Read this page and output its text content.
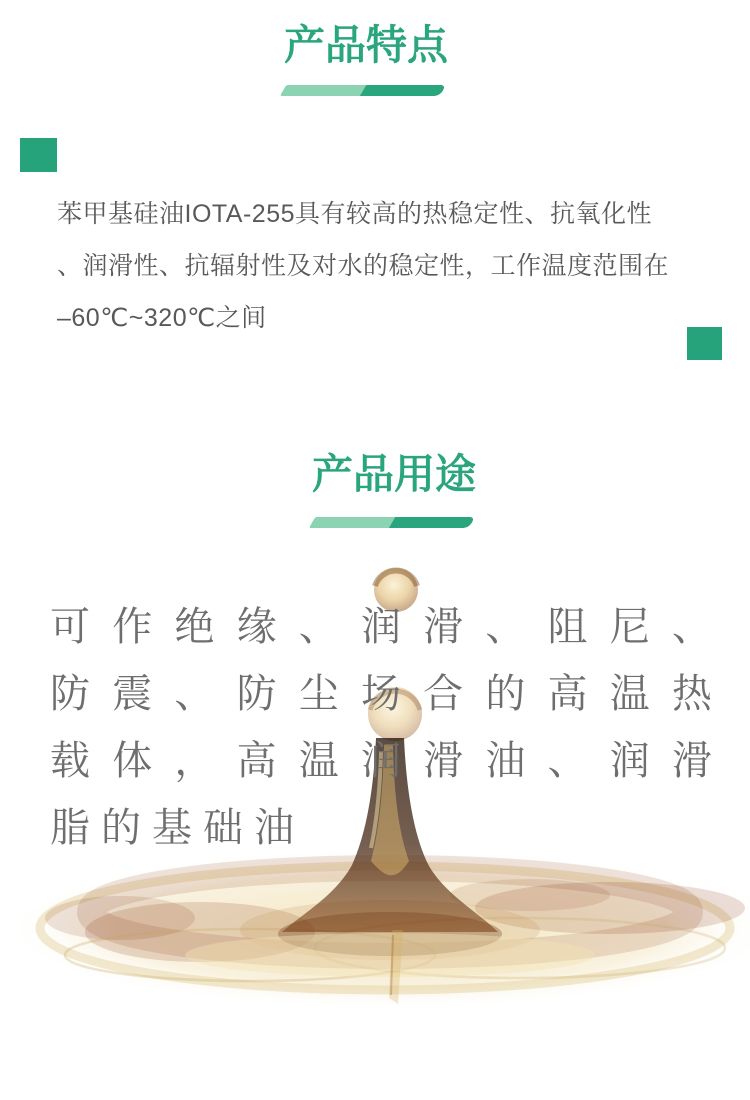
产品特点
苯甲基硅油IOTA-255具有较高的热稳定性、抗氧化性
、润滑性、抗辐射性及对水的稳定性，工作温度范围在
–60℃~320℃之间
产品用途
可 作 绝 缘 、 润 滑 、 阻 尼 、
防 震 、 防 尘 场 合 的 高 温 热
载 体 ， 高 温 润 滑 油 、 润 滑
脂的基础油
